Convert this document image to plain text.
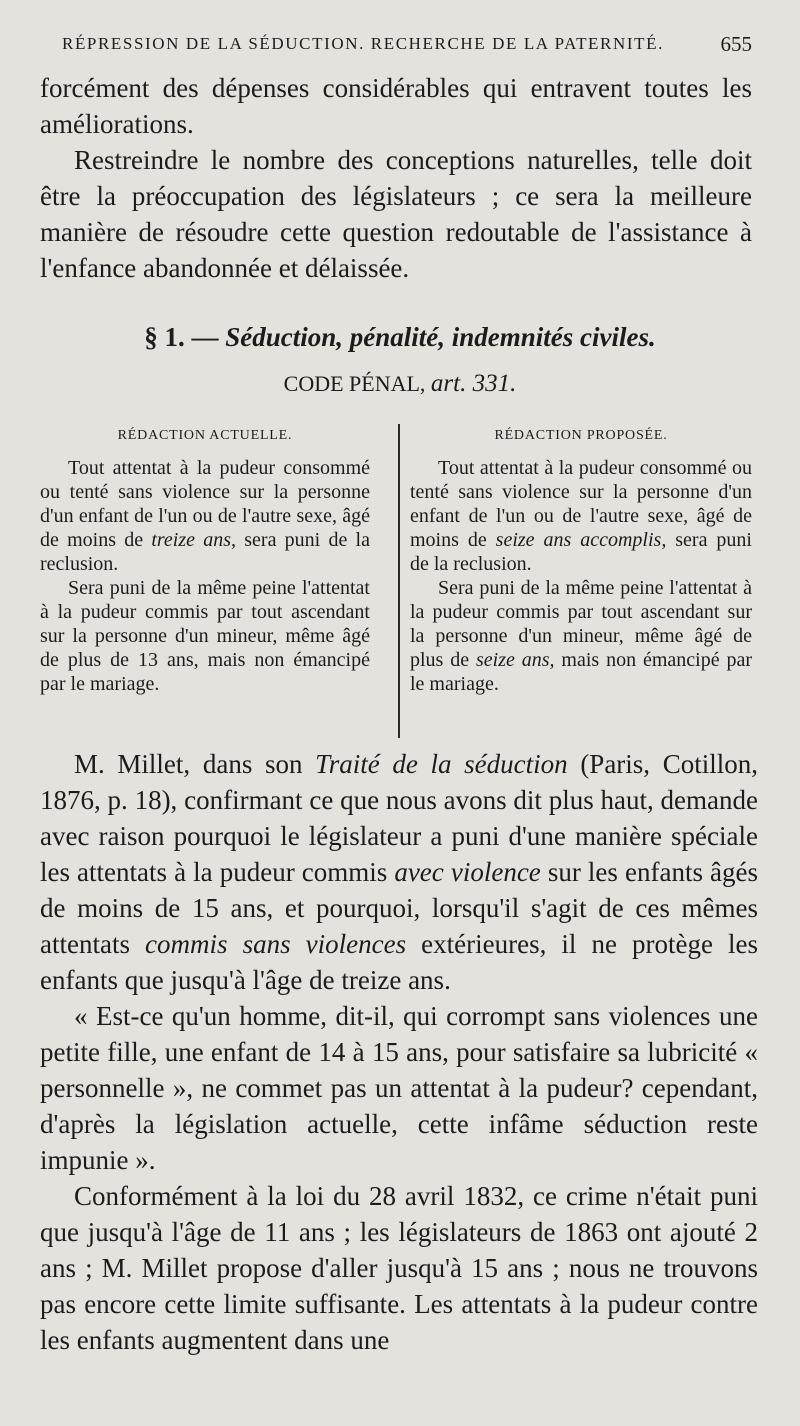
RÉPRESSION DE LA SÉDUCTION. RECHERCHE DE LA PATERNITÉ.	655

forcément des dépenses considérables qui entravent toutes les améliorations.

Restreindre le nombre des conceptions naturelles, telle doit être la préoccupation des législateurs ; ce sera la meilleure manière de résoudre cette question redoutable de l'assistance à l'enfance abandonnée et délaissée.

§ 1. — Séduction, pénalité, indemnités civiles.
CODE PÉNAL, art. 331.
RÉDACTION ACTUELLE.

Tout attentat à la pudeur consommé ou tenté sans violence sur la personne d'un enfant de l'un ou de l'autre sexe, âgé de moins de treize ans, sera puni de la reclusion.

Sera puni de la même peine l'attentat à la pudeur commis par tout ascendant sur la personne d'un mineur, même âgé de plus de 13 ans, mais non émancipé par le mariage.

RÉDACTION PROPOSÉE.

Tout attentat à la pudeur consommé ou tenté sans violence sur la personne d'un enfant de l'un ou de l'autre sexe, âgé de moins de seize ans accomplis, sera puni de la reclusion.

Sera puni de la même peine l'attentat à la pudeur commis par tout ascendant sur la personne d'un mineur, même âgé de plus de seize ans, mais non émancipé par le mariage.

M. Millet, dans son Traité de la séduction (Paris, Cotillon, 1876, p. 18), confirmant ce que nous avons dit plus haut, demande avec raison pourquoi le législateur a puni d'une manière spéciale les attentats à la pudeur commis avec violence sur les enfants âgés de moins de 15 ans, et pourquoi, lorsqu'il s'agit de ces mêmes attentats commis sans violences extérieures, il ne protège les enfants que jusqu'à l'âge de treize ans.

« Est-ce qu'un homme, dit-il, qui corrompt sans violences une petite fille, une enfant de 14 à 15 ans, pour satisfaire sa lubricité « personnelle », ne commet pas un attentat à la pudeur? cependant, d'après la législation actuelle, cette infâme séduction reste impunie ».

Conformément à la loi du 28 avril 1832, ce crime n'était puni que jusqu'à l'âge de 11 ans ; les législateurs de 1863 ont ajouté 2 ans ; M. Millet propose d'aller jusqu'à 15 ans ; nous ne trouvons pas encore cette limite suffisante. Les attentats à la pudeur contre les enfants augmentent dans une
